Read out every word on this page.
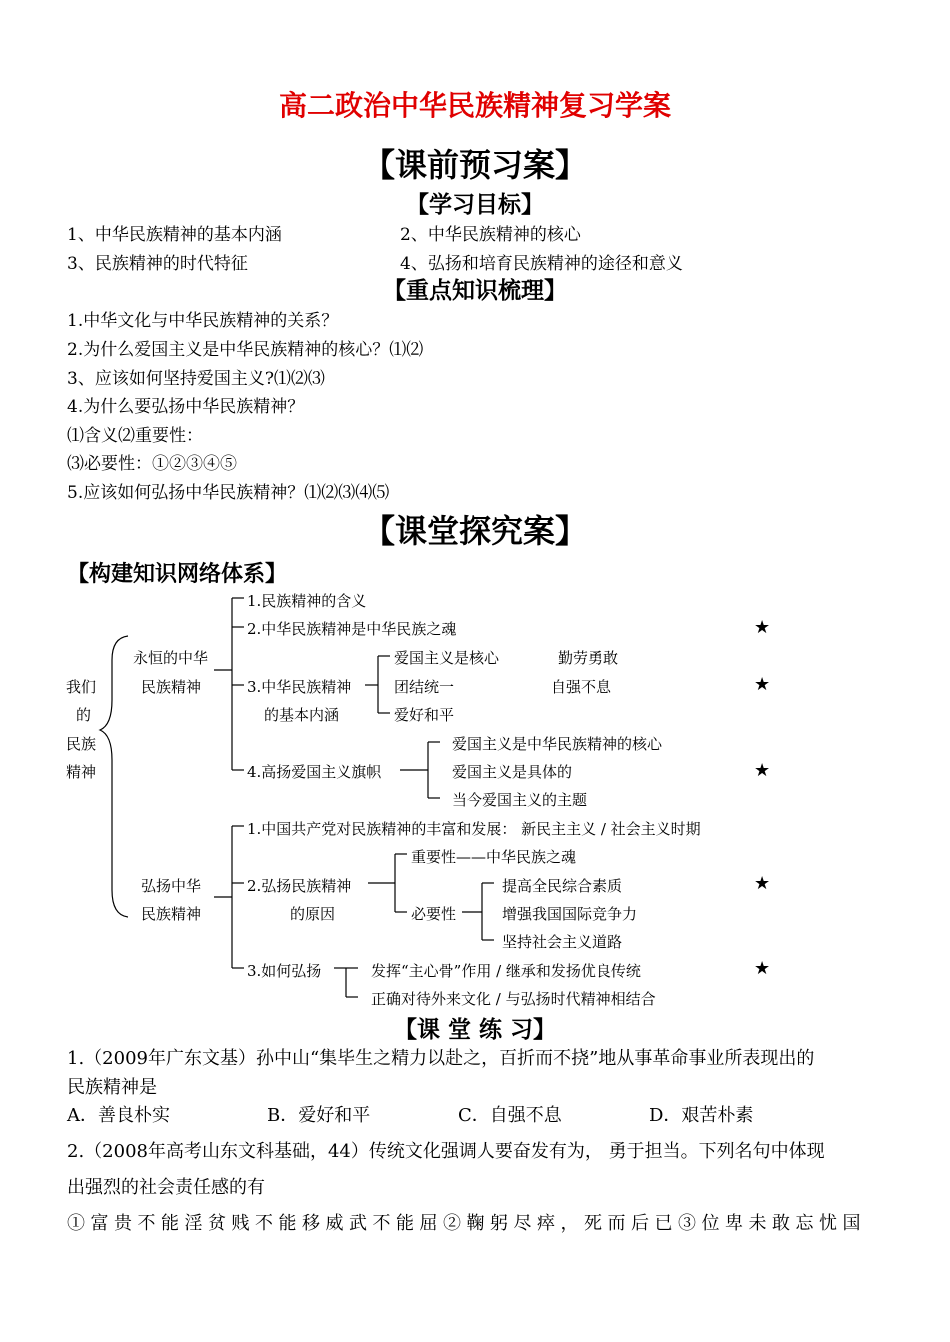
高二政治中华民族精神复习学案
【课前预习案】
【学习目标】
1、中华民族精神的基本内涵	2、中华民族精神的核心
3、民族精神的时代特征	4、弘扬和培育民族精神的途径和意义
【重点知识梳理】
1.中华文化与中华民族精神的关系？
2.为什么爱国主义是中华民族精神的核心？⑴⑵
3、应该如何坚持爱国主义?⑴⑵⑶
4.为什么要弘扬中华民族精神？
⑴含义⑵重要性：
⑶必要性：①②③④⑤
5.应该如何弘扬中华民族精神？⑴⑵⑶⑷⑸
【课堂探究案】
【构建知识网络体系】
我们
的
民族
精神
永恒的中华
民族精神
1.民族精神的含义
2.中华民族精神是中华民族之魂
3.中华民族精神
的基本内涵
爱国主义是核心
团结统一
爱好和平
勤劳勇敢
自强不息
4.高扬爱国主义旗帜
爱国主义是中华民族精神的核心
爱国主义是具体的
当今爱国主义的主题
弘扬中华
民族精神
1.中国共产党对民族精神的丰富和发展： 新民主主义 / 社会主义时期
2.弘扬民族精神
的原因
重要性——中华民族之魂
必要性
提高全民综合素质
增强我国国际竞争力
坚持社会主义道路
3.如何弘扬	发挥“主心骨”作用 / 继承和发扬优良传统
正确对待外来文化 / 与弘扬时代精神相结合
★
★
★
★
★
【课 堂 练 习】
1.（2009年广东文基）孙中山“集毕生之精力以赴之，百折而不挠”地从事革命事业所表现出的
民族精神是
A．善良朴实	B．爱好和平	C．自强不息	D．艰苦朴素
2.（2008年高考山东文科基础，44）传统文化强调人要奋发有为， 勇于担当。下列名句中体现
出强烈的社会责任感的有
①富贵不能淫贫贱不能移威武不能屈②鞠躬尽瘁，死而后已③位卑未敢忘忧国
